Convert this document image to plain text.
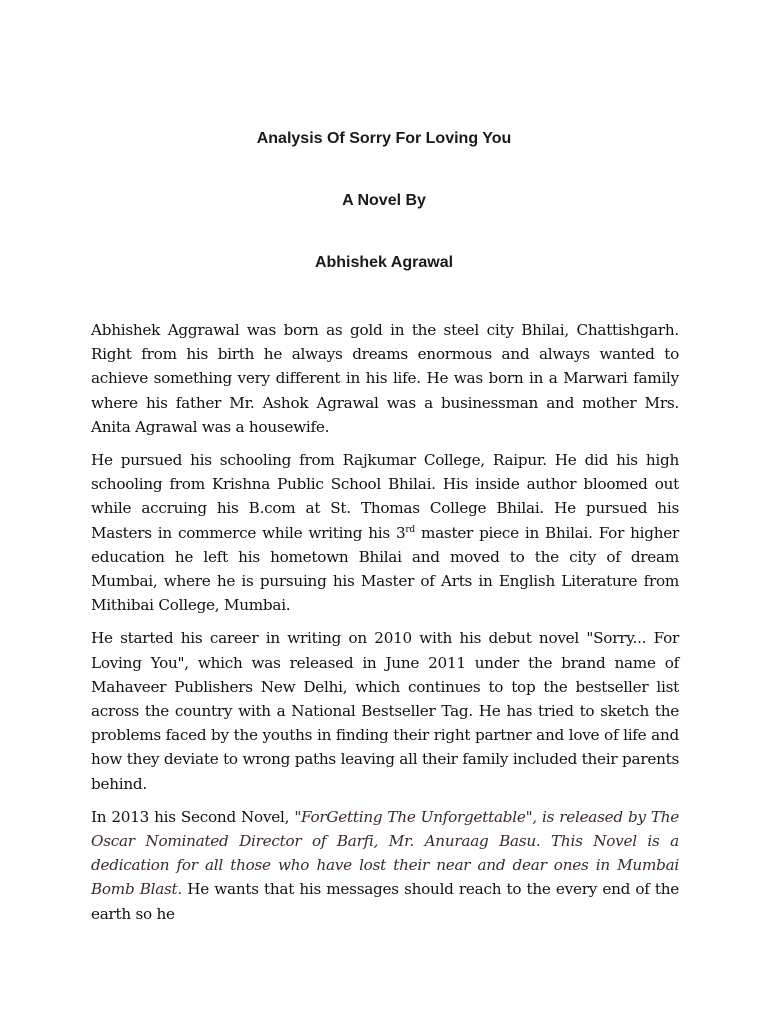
Analysis Of Sorry For Loving You
A Novel By
Abhishek Agrawal

Abhishek Aggrawal was born as gold in the steel city Bhilai, Chattishgarh. Right from his birth he always dreams enormous and always wanted to achieve something very different in his life. He was born in a Marwari family where his father Mr. Ashok Agrawal was a businessman and mother Mrs. Anita Agrawal was a housewife.

He pursued his schooling from Rajkumar College, Raipur. He did his high schooling from Krishna Public School Bhilai. His inside author bloomed out while accruing his B.com at St. Thomas College Bhilai. He pursued his Masters in commerce while writing his 3rd master piece in Bhilai. For higher education he left his hometown Bhilai and moved to the city of dream Mumbai, where he is pursuing his Master of Arts in English Literature from Mithibai College, Mumbai.

He started his career in writing on 2010 with his debut novel "Sorry... For Loving You", which was released in June 2011 under the brand name of Mahaveer Publishers New Delhi, which continues to top the bestseller list across the country with a National Bestseller Tag. He has tried to sketch the problems faced by the youths in finding their right partner and love of life and how they deviate to wrong paths leaving all their family included their parents behind.

In 2013 his Second Novel, "ForGetting The Unforgettable", is released by The Oscar Nominated Director of Barfi, Mr. Anuraag Basu. This Novel is a dedication for all those who have lost their near and dear ones in Mumbai Bomb Blast. He wants that his messages should reach to the every end of the earth so he
